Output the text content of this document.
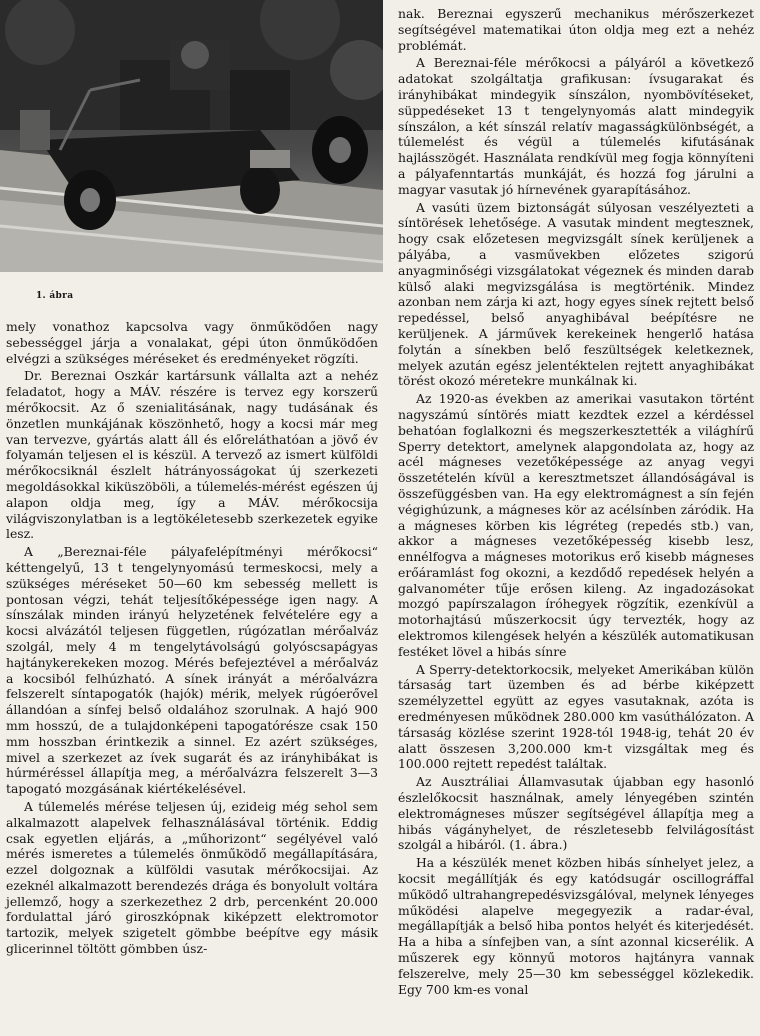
1. ábra

mely vonathoz kapcsolva vagy önműködően nagy sebességgel járja a vonalakat, gépi úton önműködően elvégzi a szükséges méréseket és eredményeket rögzíti.

Dr. Bereznai Oszkár kartársunk vállalta azt a nehéz feladatot, hogy a MÁV. részére is tervez egy korszerű mérőkocsit. Az ő szenialitásának, nagy tudásának és önzetlen munkájának köszönhető, hogy a kocsi már meg van tervezve, gyártás alatt áll és előreláthatóan a jövő év folyamán teljesen el is készül. A tervező az ismert külföldi mérőkocsiknál észlelt hátrányosságokat új szerkezeti megoldásokkal kiküszöböli, a túlemelés-mérést egészen új alapon oldja meg, így a MÁV. mérőkocsija világviszonylatban is a legtökéletesebb szerkezetek egyike lesz.

A „Bereznai-féle pályafelépítményi mérőkocsi“ kéttengelyű, 13 t tengelynyomású termeskocsi, mely a szükséges méréseket 50—60 km sebesség mellett is pontosan végzi, tehát teljesítőképessége igen nagy. A sínszálak minden irányú helyzetének felvételére egy a kocsi alvázától teljesen független, rúgózatlan mérőalváz szolgál, mely 4 m tengelytávolságú golyóscsapágyas hajtánykerekeken mozog. Mérés befejeztével a mérőalváz a kocsiból felhúzható. A sínek irányát a mérőalvázra felszerelt síntapogatók (hajók) mérik, melyek rúgóerővel állandóan a sínfej belső oldalához szorulnak. A hajó 900 mm hosszú, de a tulajdonképeni tapogatórésze csak 150 mm hosszban érintkezik a sinnel. Ez azért szükséges, mivel a szerkezet az ívek sugarát és az irányhibákat is húrméréssel állapítja meg, a mérőalvázra felszerelt 3—3 tapogató mozgásának kiértékelésével.

A túlemelés mérése teljesen új, ezideig még sehol sem alkalmazott alapelvek felhasználásával történik. Eddig csak egyetlen eljárás, a „műhorizont“ segélyével való mérés ismeretes a túlemelés önműködő megállapítására, ezzel dolgoznak a külföldi vasutak mérőkocsijai. Az ezeknél alkalmazott berendezés drága és bonyolult voltára jellemző, hogy a szerkezethez 2 drb, percenként 20.000 fordulattal járó giroszkópnak kiképzett elektromotor tartozik, melyek szigetelt gömbbe beépítve egy másik glicerinnel töltött gömbben úsz-

nak. Bereznai egyszerű mechanikus mérőszerkezet segítségével matematikai úton oldja meg ezt a nehéz problémát.

A Bereznai-féle mérőkocsi a pályáról a következő adatokat szolgáltatja grafikusan: ívsugarakat és irányhibákat mindegyik sínszálon, nyombövítéseket, süppedéseket 13 t tengelynyomás alatt mindegyik sínszálon, a két sínszál relatív magasságkülönbségét, a túlemelést és végül a túlemelés kifutásának hajlásszögét. Használata rendkívül meg fogja könnyíteni a pályafenntartás munkáját, és hozzá fog járulni a magyar vasutak jó hírnevének gyarapításához.

A vasúti üzem biztonságát súlyosan veszélyezteti a síntörések lehetősége. A vasutak mindent megtesznek, hogy csak előzetesen megvizsgált sínek kerüljenek a pályába, a vasművekben előzetes szigorú anyagminőségi vizsgálatokat végeznek és minden darab külső alaki megvizsgálása is megtörténik. Mindez azonban nem zárja ki azt, hogy egyes sínek rejtett belső repedéssel, belső anyaghibával beépítésre ne kerüljenek. A járművek kerekeinek hengerlő hatása folytán a sínekben belő feszültségek keletkeznek, melyek azután egész jelentéktelen rejtett anyaghibákat törést okozó méretekre munkálnak ki.

Az 1920-as években az amerikai vasutakon történt nagyszámú síntörés miatt kezdtek ezzel a kérdéssel behatóan foglalkozni és megszerkesztették a világhírű Sperry detektort, amelynek alapgondolata az, hogy az acél mágneses vezetőképessége az anyag vegyi összetételén kívül a keresztmetszet állandóságával is összefüggésben van. Ha egy elektromágnest a sín fején végighúzunk, a mágneses kör az acélsínben záródik. Ha a mágneses körben kis légréteg (repedés stb.) van, akkor a mágneses vezetőképesség kisebb lesz, ennélfogva a mágneses motorikus erő kisebb mágneses erőáramlást fog okozni, a kezdődő repedések helyén a galvanométer tűje erősen kileng. Az ingadozásokat mozgó papírszalagon íróhegyek rögzítik, ezenkívül a motorhajtású műszerkocsit úgy tervezték, hogy az elektromos kilengések helyén a készülék automatikusan festéket lövel a hibás sínre

A Sperry-detektorkocsik, melyeket Amerikában külön társaság tart üzemben és ad bérbe kiképzett személyzettel együtt az egyes vasutaknak, azóta is eredményesen működnek 280.000 km vasúthálózaton. A társaság közlése szerint 1928-tól 1948-ig, tehát 20 év alatt összesen 3,200.000 km-t vizsgáltak meg és 100.000 rejtett repedést találtak.

Az Ausztráliai Államvasutak újabban egy hasonló észlelőkocsit használnak, amely lényegében szintén elektromágneses műszer segítségével állapítja meg a hibás vágányhelyet, de részletesebb felvilágosítást szolgál a hibáról. (1. ábra.)

Ha a készülék menet közben hibás sínhelyet jelez, a kocsit megállítják és egy katódsugár oscillográffal működő ultrahangrepedésvizsgálóval, melynek lényeges működési alapelve megegyezik a radar-éval, megállapítják a belső hiba pontos helyét és kiterjedését. Ha a hiba a sínfejben van, a sínt azonnal kicserélik. A műszerek egy könnyű motoros hajtányra vannak felszerelve, mely 25—30 km sebességgel közlekedik. Egy 700 km-es vonal
